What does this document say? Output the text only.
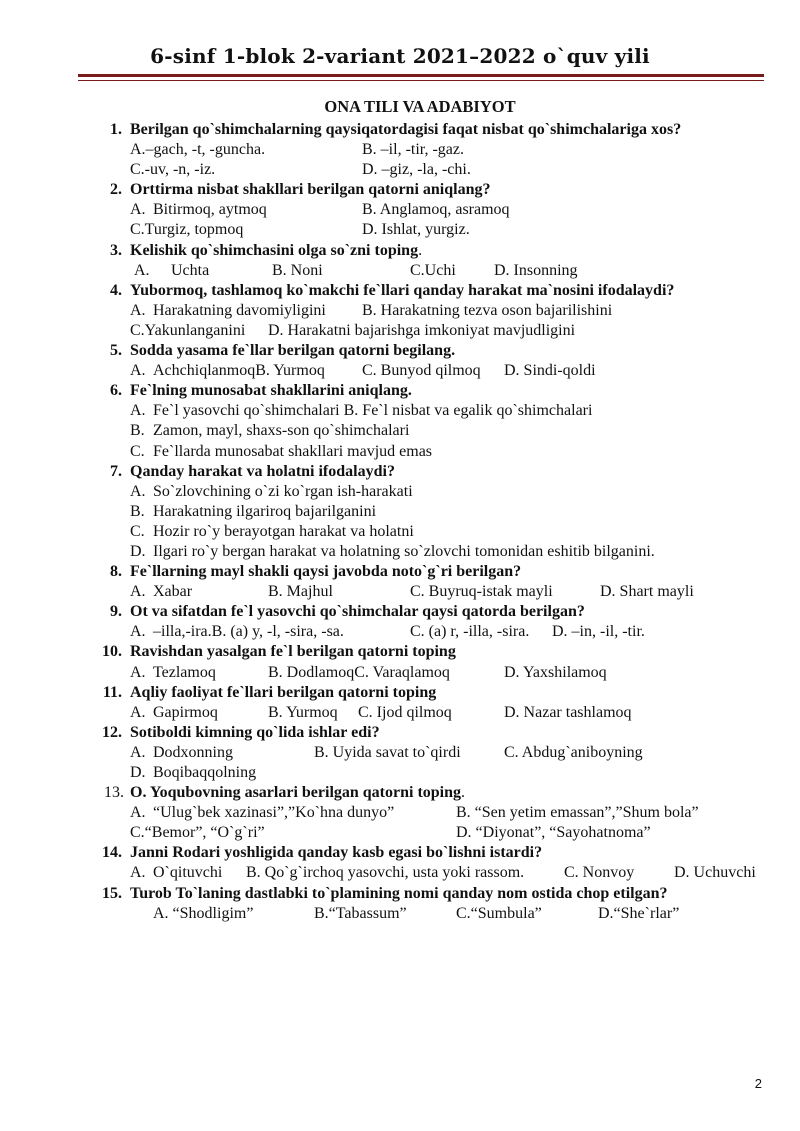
6-sinf 1-blok 2-variant 2021–2022 o`quv yili
ONA TILI VA ADABIYOT
1. Berilgan qo`shimchalarning qaysiqatordagisi faqat nisbat qo`shimchalariga xos?
A.–gach, -t, -guncha.	B. –il, -tir, -gaz.
C.-uv, -n, -iz.	D. –giz, -la, -chi.
2. Orttirma nisbat shakllari berilgan qatorni aniqlang?
A. Bitirmoq, aytmoq	B. Anglamoq, asramoq
C.Turgiz, topmoq	D. Ishlat, yurgiz.
3. Kelishik qo`shimchasini olga so`zni toping.
A. Uchta	B. Noni	C.Uchi D. Insonning
4. Yubormoq, tashlamoq ko`makchi fe`llari qanday harakat ma`nosini ifodalaydi?
A. Harakatning davomiyligini B. Harakatning tezva oson bajarilishini
C.Yakunlanganini D. Harakatni bajarishga imkoniyat mavjudligini
5. Sodda yasama fe`llar berilgan qatorni begilang.
A. AchchiqlanmoqB. Yurmoq C. Bunyod qilmoq D. Sindi-qoldi
6. Fe`lning munosabat shakllarini aniqlang.
A. Fe`l yasovchi qo`shimchalari B. Fe`l nisbat va egalik qo`shimchalari
B. Zamon, mayl, shaxs-son qo`shimchalari
C. Fe`llarda munosabat shakllari mavjud emas
7. Qanday harakat va holatni ifodalaydi?
A. So`zlovchining o`zi ko`rgan ish-harakati
B. Harakatning ilgariroq bajarilganini
C. Hozir ro`y berayotgan harakat va holatni
D. Ilgari ro`y bergan harakat va holatning so`zlovchi tomonidan eshitib bilganini.
8. Fe`llarning mayl shakli qaysi javobda noto`g`ri berilgan?
A. Xabar	B. Majhul	C. Buyruq-istak mayli	D. Shart mayli
9. Ot va sifatdan fe`l yasovchi qo`shimchalar qaysi qatorda berilgan?
A. –illa,-ira.B. (a) y, -l, -sira, -sa.	C. (a) r, -illa, -sira. D. –in, -il, -tir.
10. Ravishdan yasalgan fe`l berilgan qatorni toping
A. Tezlamoq	B. DodlamoqC. Varaqlamoq	D. Yaxshilamoq
11. Aqliy faoliyat fe`llari berilgan qatorni toping
A. Gapirmoq	B. Yurmoq C. Ijod qilmoq	D. Nazar tashlamoq
12. Sotiboldi kimning qo`lida ishlar edi?
A. Dodxonning	B. Uyida savat to`qirdi	C. Abdug`aniboyning
D. Boqibaqqolning
13. O. Yoqubovning asarlari berilgan qatorni toping.
A. “Ulug`bek xazinasi”,”Ko`hna dunyo”	B. “Sen yetim emassan”,”Shum bola”
C.“Bemor”, “O`g`ri”	D. “Diyonat”, “Sayohatnoma”
14. Janni Rodari yoshligida qanday kasb egasi bo`lishni istardi?
A. O`qituvchi B. Qo`g`irchoq yasovchi, usta yoki rassom. C. Nonvoy D. Uchuvchi
15. Turob To`laning dastlabki to`plamining nomi qanday nom ostida chop etilgan?
A. “Shodligim”	B.“Tabassum”	C.“Sumbula”	D.“She`rlar”
2
